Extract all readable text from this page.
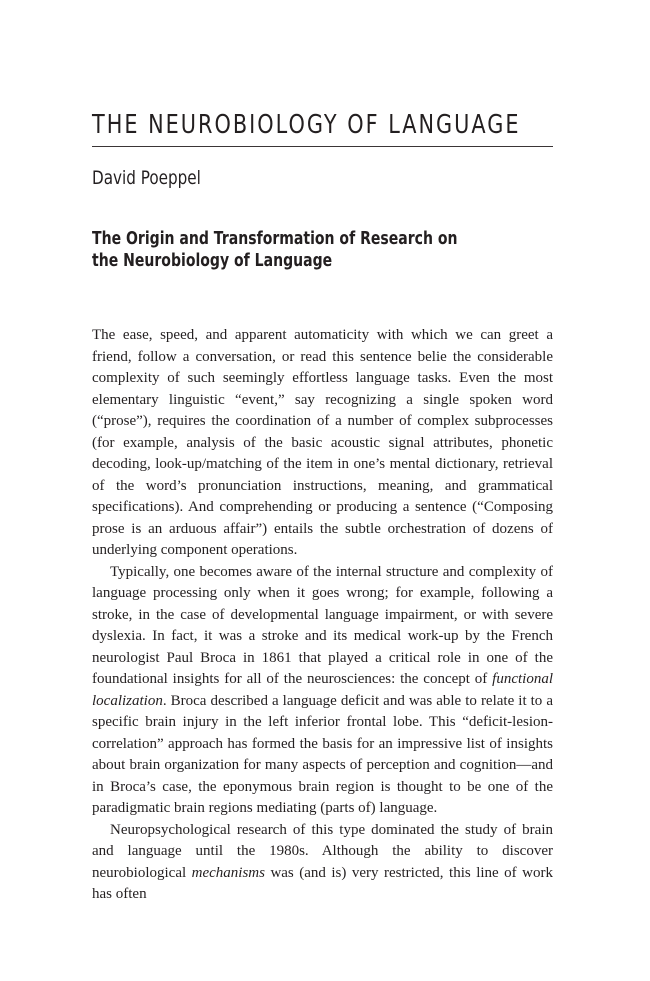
THE NEUROBIOLOGY OF LANGUAGE
David Poeppel
The Origin and Transformation of Research on
the Neurobiology of Language

The ease, speed, and apparent automaticity with which we can greet a friend, follow a conversation, or read this sentence belie the considerable complexity of such seemingly effortless language tasks. Even the most elementary linguistic “event,” say recognizing a single spoken word (“prose”), requires the coordination of a number of complex subprocesses (for example, analysis of the basic acoustic signal attributes, phonetic decoding, look-up/matching of the item in one’s mental dictionary, retrieval of the word’s pronunciation instructions, meaning, and grammatical specifications). And comprehending or producing a sentence (“Composing prose is an arduous affair”) entails the subtle orchestration of dozens of underlying component operations.

Typically, one becomes aware of the internal structure and complexity of language processing only when it goes wrong; for example, following a stroke, in the case of developmental language impairment, or with severe dyslexia. In fact, it was a stroke and its medical work-up by the French neurologist Paul Broca in 1861 that played a critical role in one of the foundational insights for all of the neurosciences: the concept of functional localization. Broca described a language deficit and was able to relate it to a specific brain injury in the left inferior frontal lobe. This “deficit-lesion-correlation” approach has formed the basis for an impressive list of insights about brain organization for many aspects of perception and cognition—and in Broca’s case, the eponymous brain region is thought to be one of the paradigmatic brain regions mediating (parts of) language.

Neuropsychological research of this type dominated the study of brain and language until the 1980s. Although the ability to discover neurobiological mechanisms was (and is) very restricted, this line of work has often
